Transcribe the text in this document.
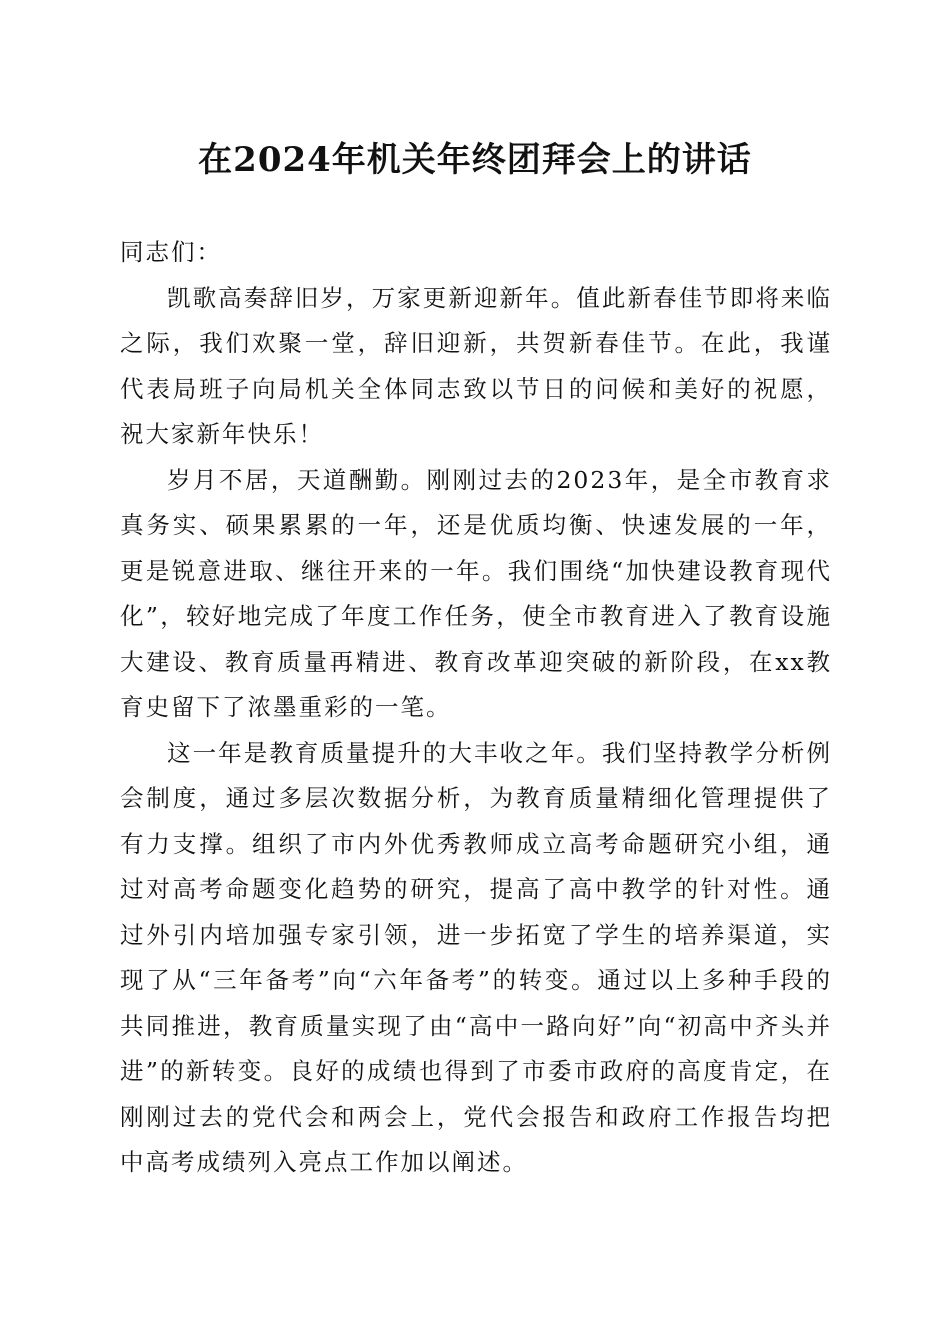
在2024年机关年终团拜会上的讲话

同志们：

凯歌高奏辞旧岁，万家更新迎新年。值此新春佳节即将来临之际，我们欢聚一堂，辞旧迎新，共贺新春佳节。在此，我谨代表局班子向局机关全体同志致以节日的问候和美好的祝愿，祝大家新年快乐！

岁月不居，天道酬勤。刚刚过去的2023年，是全市教育求真务实、硕果累累的一年，还是优质均衡、快速发展的一年，更是锐意进取、继往开来的一年。我们围绕“加快建设教育现代化”，较好地完成了年度工作任务，使全市教育进入了教育设施大建设、教育质量再精进、教育改革迎突破的新阶段，在xx教育史留下了浓墨重彩的一笔。

这一年是教育质量提升的大丰收之年。我们坚持教学分析例会制度，通过多层次数据分析，为教育质量精细化管理提供了有力支撑。组织了市内外优秀教师成立高考命题研究小组，通过对高考命题变化趋势的研究，提高了高中教学的针对性。通过外引内培加强专家引领，进一步拓宽了学生的培养渠道，实现了从“三年备考”向“六年备考”的转变。通过以上多种手段的共同推进，教育质量实现了由“高中一路向好”向“初高中齐头并进”的新转变。良好的成绩也得到了市委市政府的高度肯定，在刚刚过去的党代会和两会上，党代会报告和政府工作报告均把中高考成绩列入亮点工作加以阐述。
